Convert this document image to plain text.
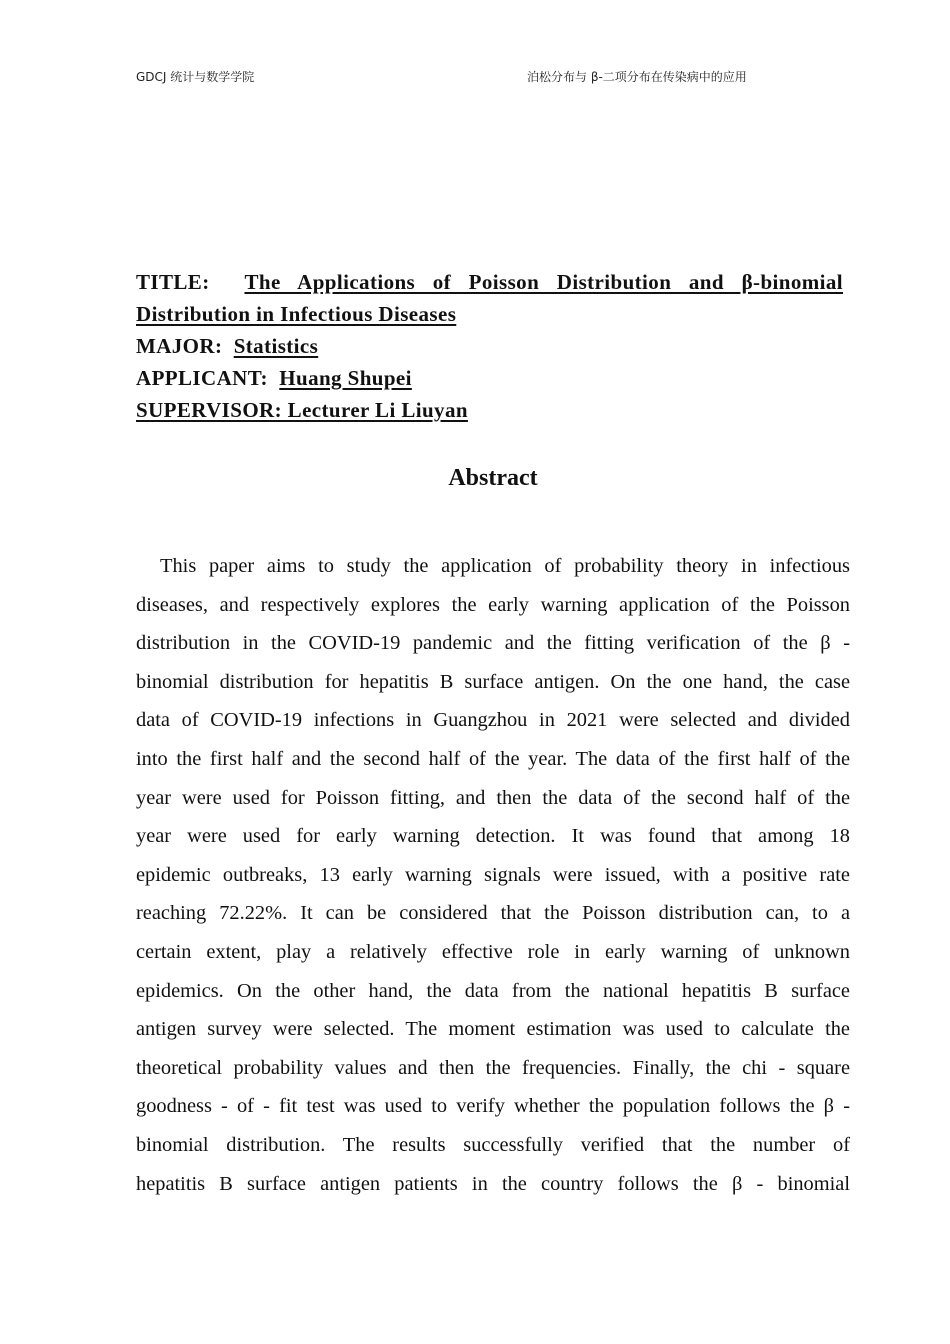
GDCJ 统计与数学学院	泊松分布与 β-二项分布在传染病中的应用
TITLE: The Applications of Poisson Distribution and β-binomial
Distribution in Infectious Diseases
MAJOR: Statistics
APPLICANT: Huang Shupei
SUPERVISOR: Lecturer Li Liuyan
Abstract
This paper aims to study the application of probability theory in infectious
diseases, and respectively explores the early warning application of the Poisson
distribution in the COVID-19 pandemic and the fitting verification of the β -
binomial distribution for hepatitis B surface antigen. On the one hand, the case
data of COVID-19 infections in Guangzhou in 2021 were selected and divided
into the first half and the second half of the year. The data of the first half of the
year were used for Poisson fitting, and then the data of the second half of the
year were used for early warning detection. It was found that among 18
epidemic outbreaks, 13 early warning signals were issued, with a positive rate
reaching 72.22%. It can be considered that the Poisson distribution can, to a
certain extent, play a relatively effective role in early warning of unknown
epidemics. On the other hand, the data from the national hepatitis B surface
antigen survey were selected. The moment estimation was used to calculate the
theoretical probability values and then the frequencies. Finally, the chi - square
goodness - of - fit test was used to verify whether the population follows the β -
binomial distribution. The results successfully verified that the number of
hepatitis B surface antigen patients in the country follows the β - binomial
